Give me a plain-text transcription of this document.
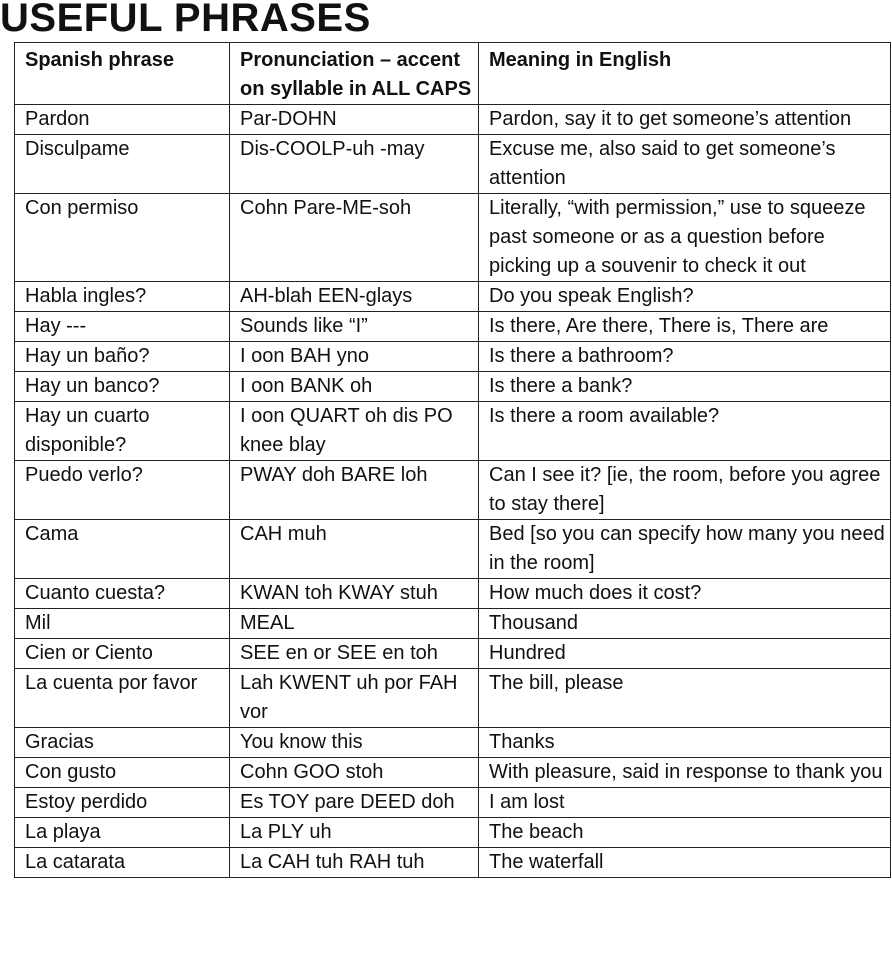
USEFUL PHRASES
Spanish phrase	Pronunciation – accent on syllable in ALL CAPS	Meaning in English
Pardon	Par-DOHN	Pardon, say it to get someone’s attention
Disculpame	Dis-COOLP-uh -may	Excuse me, also said to get someone’s attention
Con permiso	Cohn Pare-ME-soh	Literally, “with permission,” use to squeeze past someone or as a question before picking up a souvenir to check it out
Habla ingles?	AH-blah EEN-glays	Do you speak English?
Hay ---	Sounds like “I”	Is there, Are there, There is, There are
Hay un baño?	I oon BAH yno	Is there a bathroom?
Hay un banco?	I oon BANK oh	Is there a bank?
Hay un cuarto disponible?	I oon QUART oh dis PO knee blay	Is there a room available?
Puedo verlo?	PWAY doh BARE loh	Can I see it? [ie, the room, before you agree to stay there]
Cama	CAH muh	Bed [so you can specify how many you need in the room]
Cuanto cuesta?	KWAN toh KWAY stuh	How much does it cost?
Mil	MEAL	Thousand
Cien or Ciento	SEE en or SEE en toh	Hundred
La cuenta por favor	Lah KWENT uh por FAH vor	The bill, please
Gracias	You know this	Thanks
Con gusto	Cohn GOO stoh	With pleasure, said in response to thank you
Estoy perdido	Es TOY pare DEED doh	I am lost
La playa	La PLY uh	The beach
La catarata	La CAH tuh RAH tuh	The waterfall
